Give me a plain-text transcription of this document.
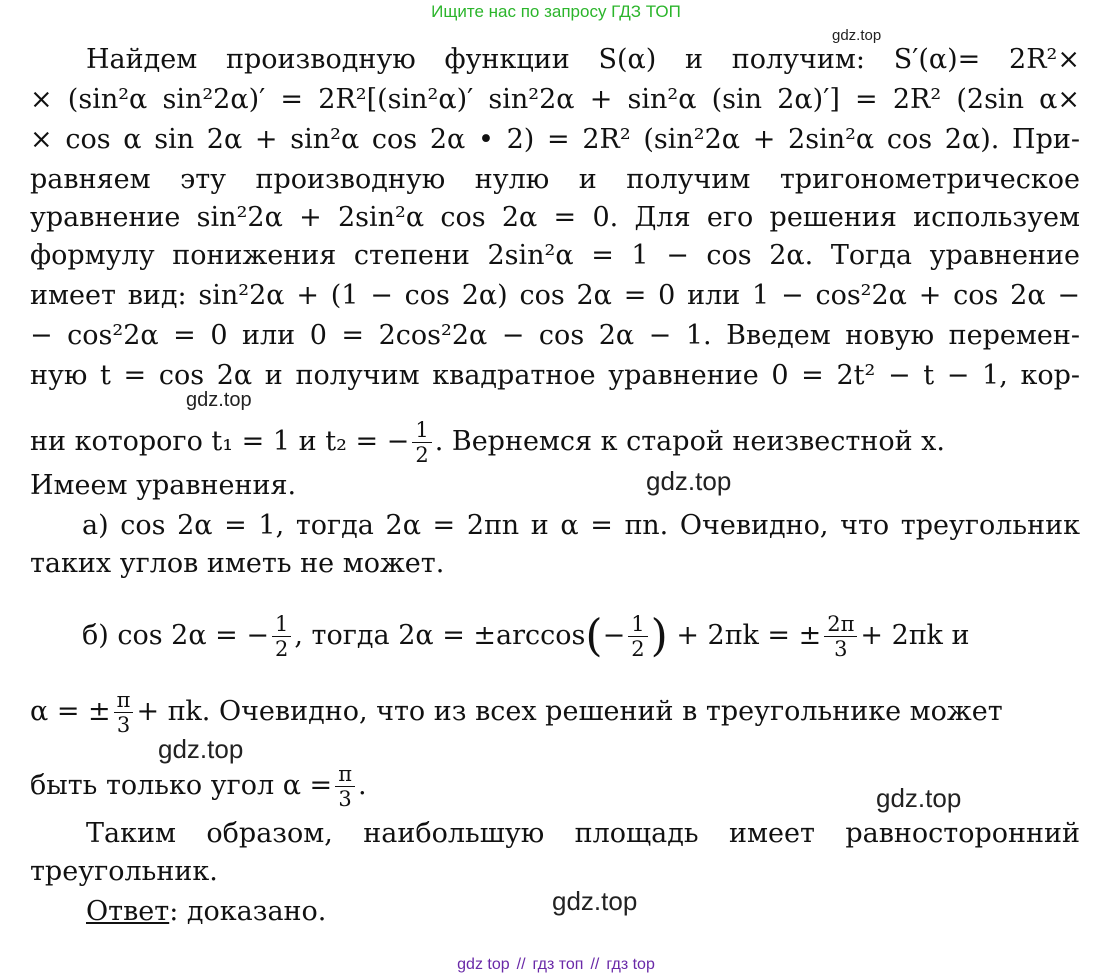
Ищите нас по запросу ГДЗ ТОП
gdz.top
Найдем производную функции S(α) и получим: S′(α)= 2R²×
× (sin²α sin²2α)′ = 2R²[(sin²α)′ sin²2α + sin²α (sin 2α)′] = 2R² (2sin α×
× cos α sin 2α + sin²α cos 2α • 2) = 2R² (sin²2α + 2sin²α cos 2α). При-
равняем эту производную нулю и получим тригонометрическое
уравнение sin²2α + 2sin²α cos 2α = 0. Для его решения используем
формулу понижения степени 2sin²α = 1 − cos 2α. Тогда уравнение
имеет вид: sin²2α + (1 − cos 2α) cos 2α = 0 или 1 − cos²2α + cos 2α −
− cos²2α = 0 или 0 = 2cos²2α − cos 2α − 1. Введем новую перемен-
ную t = cos 2α и получим квадратное уравнение 0 = 2t² − t − 1, кор-
gdz.top
ни которого t₁ = 1 и t₂ = − $\frac{1}{2}$ . Вернемся к старой неизвестной x.
Имеем уравнения.	gdz.top
а) cos 2α = 1, тогда 2α = 2πn и α = πn. Очевидно, что треугольник
таких углов иметь не может.
б) cos 2α = − $\frac{1}{2}$ , тогда $2\alpha = \pm\arccos(- \frac{1}{2}$ ) + 2πk = ± $\frac{2\pi}{3} + 2\pi k$ и
α = ± $\frac{\pi}{3} + \pi k$. Очевидно, что из всех решений в треугольнике может
gdz.top
быть только угол $\alpha = \frac{\pi}{3}$ .	gdz.top
Таким образом, наибольшую площадь имеет равносторонний
треугольник.
Ответ: доказано.	gdz.top
gdz top // гдз топ // гдз top
